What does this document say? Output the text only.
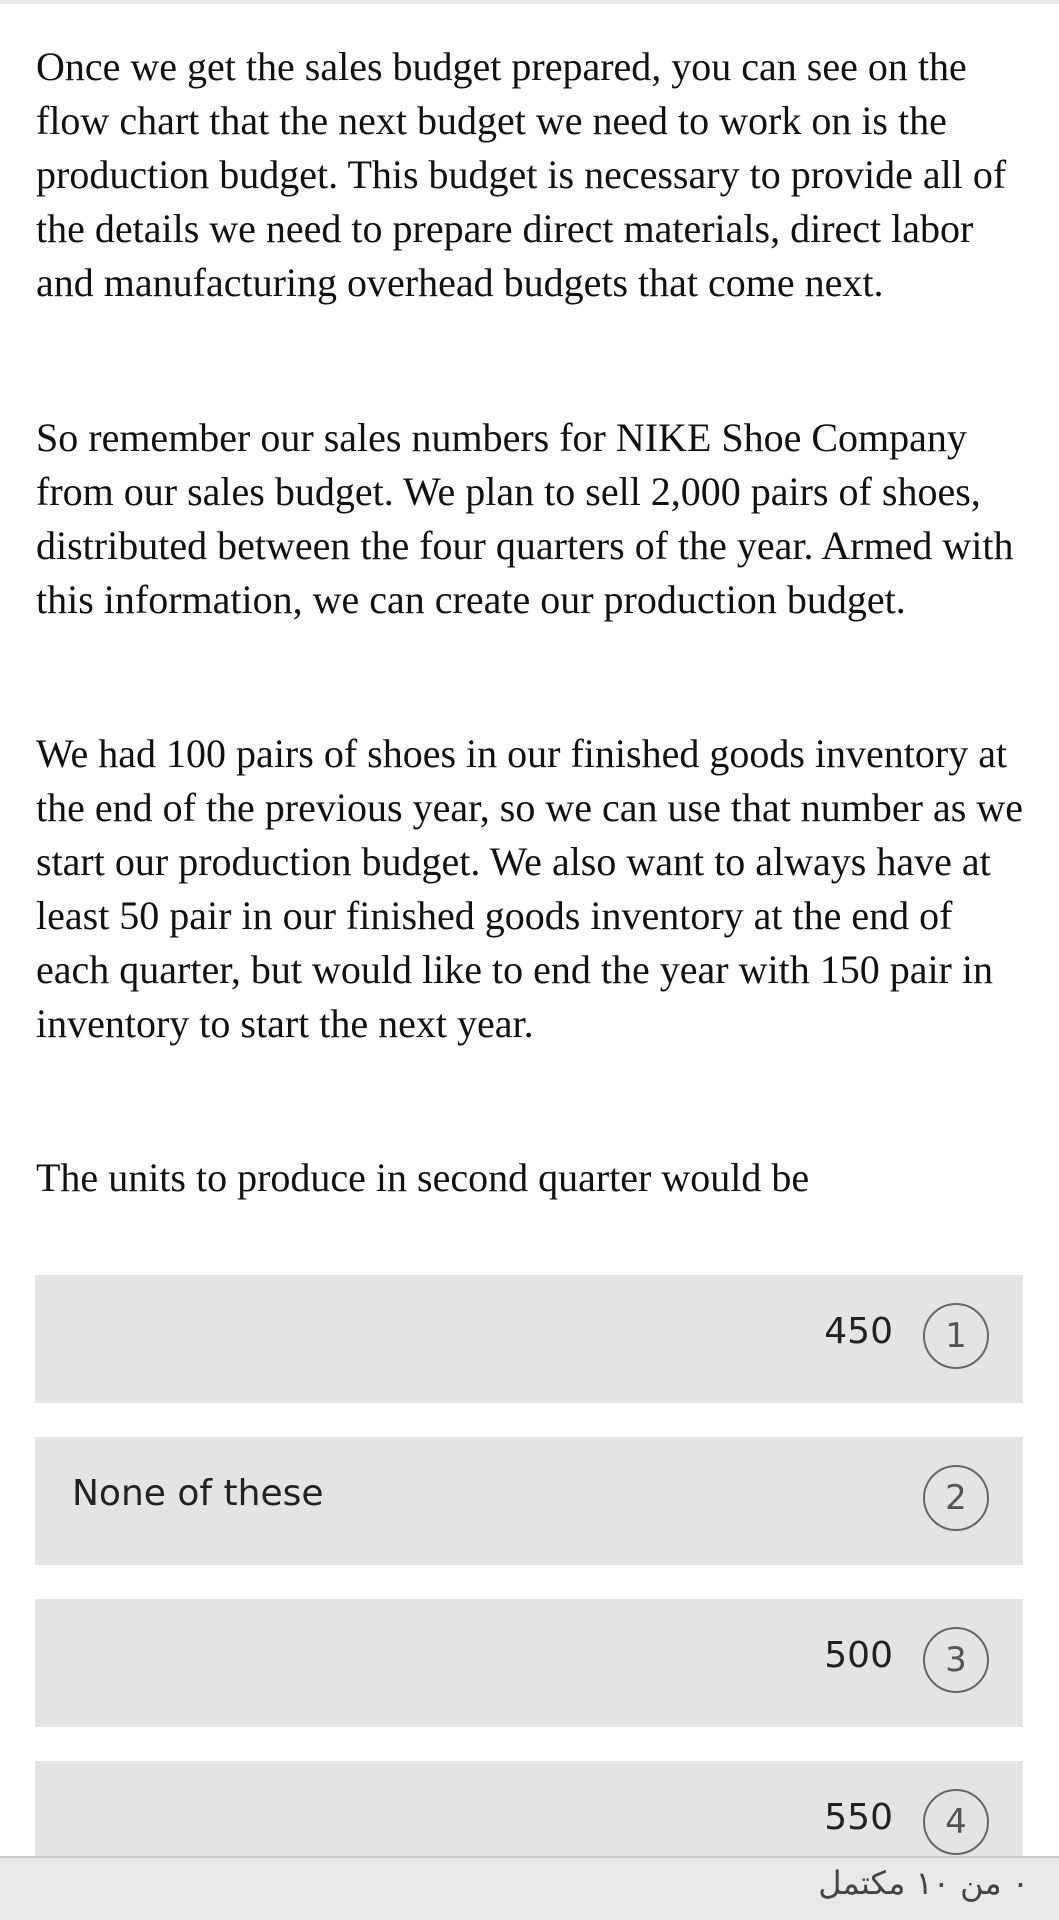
Once we get the sales budget prepared, you can see on the flow chart that the next budget we need to work on is the production budget. This budget is necessary to provide all of the details we need to prepare direct materials, direct labor and manufacturing overhead budgets that come next.

So remember our sales numbers for NIKE Shoe Company from our sales budget. We plan to sell 2,000 pairs of shoes, distributed between the four quarters of the year. Armed with this information, we can create our production budget.

We had 100 pairs of shoes in our finished goods inventory at the end of the previous year, so we can use that number as we start our production budget. We also want to always have at least 50 pair in our finished goods inventory at the end of each quarter, but would like to end the year with 150 pair in inventory to start the next year.

The units to produce in second quarter would be

450	1
None of these	2
500	3
550	4
٠ من ١٠ مكتمل
